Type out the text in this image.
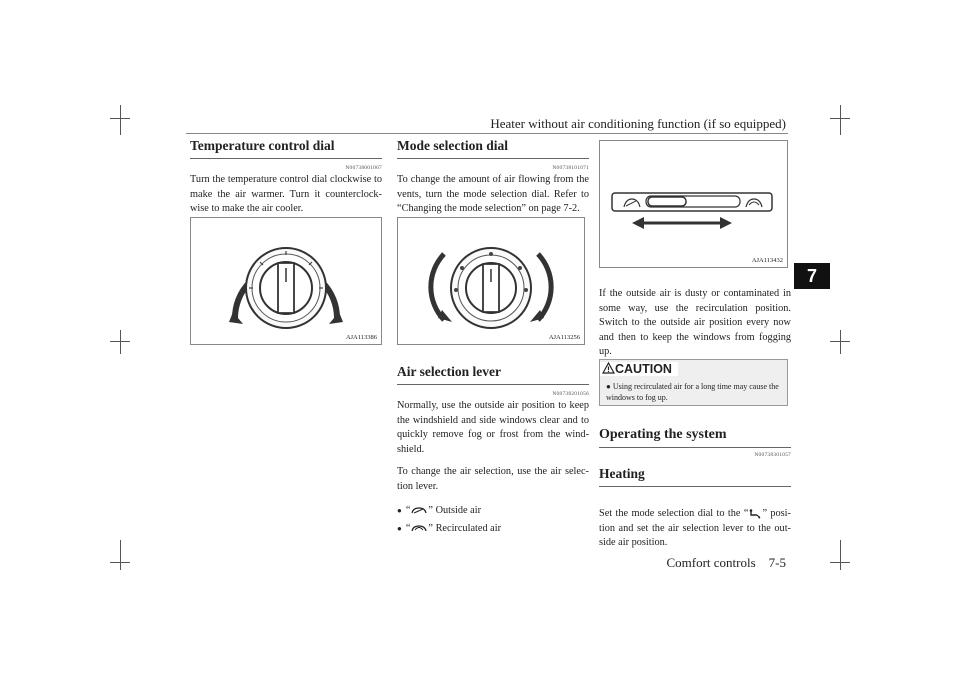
Heater without air conditioning function (if so equipped)
7
Temperature control dial
N00738001067

Turn the temperature control dial clockwise to make the air warmer. Turn it counterclock-wise to make the air cooler.

AJA113386
Mode selection dial
N00738101071

To change the amount of air flowing from the vents, turn the mode selection dial. Refer to “Changing the mode selection” on page 7-2.

AJA113256
Air selection lever
N00738201056

Normally, use the outside air position to keep the windshield and side windows clear and to quickly remove fog or frost from the wind-shield.

To change the air selection, use the air selec-tion lever.

● “ ” Outside air
● “ ” Recirculated air
AJA113432

If the outside air is dusty or contaminated in some way, use the recirculation position. Switch to the outside air position every now and then to keep the windows from fogging up.

CAUTION
● Using recirculated air for a long time may cause the windows to fog up.
Operating the system
N00738301057
Heating

Set the mode selection dial to the “ ” posi-tion and set the air selection lever to the out-side air position.

Comfort controls 7-5
